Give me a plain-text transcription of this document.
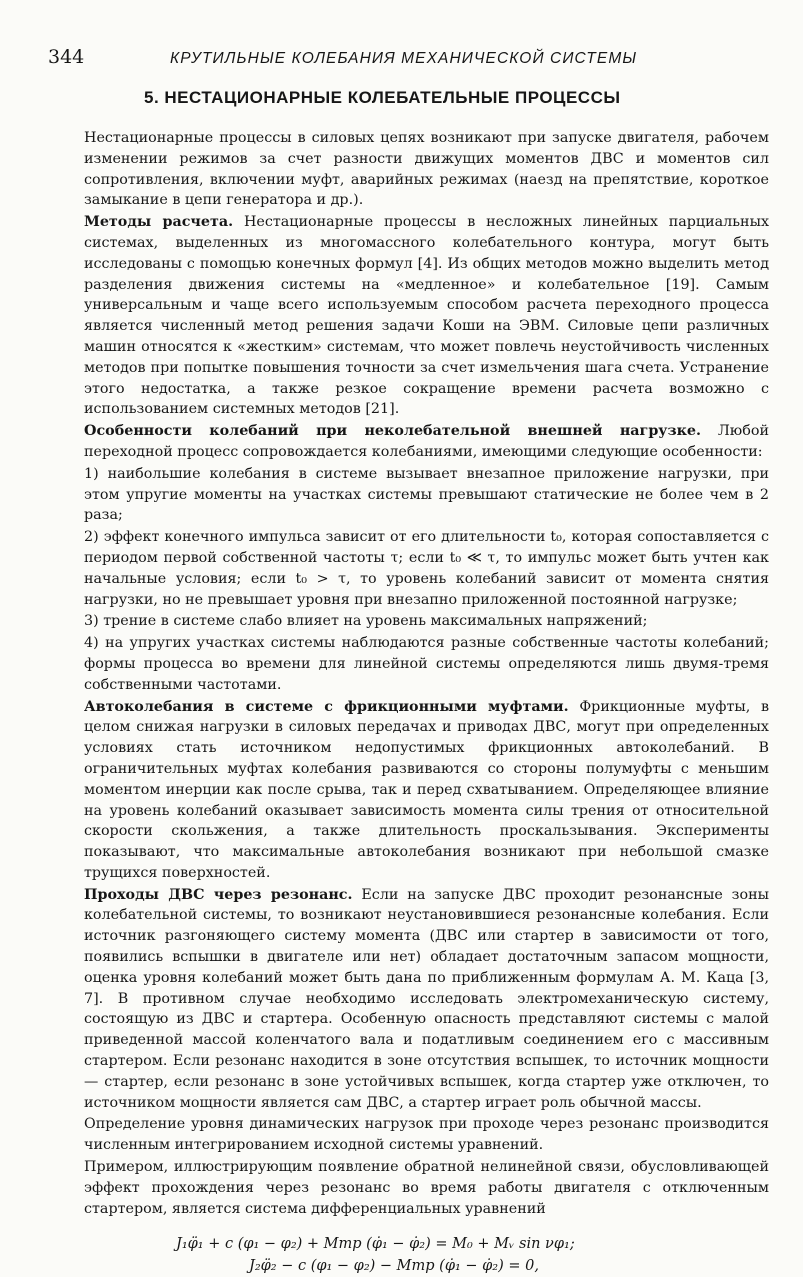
344	КРУТИЛЬНЫЕ КОЛЕБАНИЯ МЕХАНИЧЕСКОЙ СИСТЕМЫ
5. НЕСТАЦИОНАРНЫЕ КОЛЕБАТЕЛЬНЫЕ ПРОЦЕССЫ

Нестационарные процессы в силовых цепях возникают при запуске двигателя, рабочем изменении режимов за счет разности движущих моментов ДВС и моментов сил сопротивления, включении муфт, аварийных режимах (наезд на препятствие, короткое замыкание в цепи генератора и др.).

Методы расчета. Нестационарные процессы в несложных линейных парциальных системах, выделенных из многомассного колебательного контура, могут быть исследованы с помощью конечных формул [4]. Из общих методов можно выделить метод разделения движения системы на «медленное» и колебательное [19]. Самым универсальным и чаще всего используемым способом расчета переходного процесса является численный метод решения задачи Коши на ЭВМ. Силовые цепи различных машин относятся к «жестким» системам, что может повлечь неустойчивость численных методов при попытке повышения точности за счет измельчения шага счета. Устранение этого недостатка, а также резкое сокращение времени расчета возможно с использованием системных методов [21].

Особенности колебаний при неколебательной внешней нагрузке. Любой переходной процесс сопровождается колебаниями, имеющими следующие особенности:

1) наибольшие колебания в системе вызывает внезапное приложение нагрузки, при этом упругие моменты на участках системы превышают статические не более чем в 2 раза;

2) эффект конечного импульса зависит от его длительности t₀, которая сопоставляется с периодом первой собственной частоты τ; если t₀ ≪ τ, то импульс может быть учтен как начальные условия; если t₀ > τ, то уровень колебаний зависит от момента снятия нагрузки, но не превышает уровня при внезапно приложенной постоянной нагрузке;

3) трение в системе слабо влияет на уровень максимальных напряжений;

4) на упругих участках системы наблюдаются разные собственные частоты колебаний; формы процесса во времени для линейной системы определяются лишь двумя-тремя собственными частотами.

Автоколебания в системе с фрикционными муфтами. Фрикционные муфты, в целом снижая нагрузки в силовых передачах и приводах ДВС, могут при определенных условиях стать источником недопустимых фрикционных автоколебаний. В ограничительных муфтах колебания развиваются со стороны полумуфты с меньшим моментом инерции как после срыва, так и перед схватыванием. Определяющее влияние на уровень колебаний оказывает зависимость момента силы трения от относительной скорости скольжения, а также длительность проскальзывания. Эксперименты показывают, что максимальные автоколебания возникают при небольшой смазке трущихся поверхностей.

Проходы ДВС через резонанс. Если на запуске ДВС проходит резонансные зоны колебательной системы, то возникают неустановившиеся резонансные колебания. Если источник разгоняющего систему момента (ДВС или стартер в зависимости от того, появились вспышки в двигателе или нет) обладает достаточным запасом мощности, оценка уровня колебаний может быть дана по приближенным формулам А. М. Каца [3, 7]. В противном случае необходимо исследовать электромеханическую систему, состоящую из ДВС и стартера. Особенную опасность представляют системы с малой приведенной массой коленчатого вала и податливым соединением его с массивным стартером. Если резонанс находится в зоне отсутствия вспышек, то источник мощности — стартер, если резонанс в зоне устойчивых вспышек, когда стартер уже отключен, то источником мощности является сам ДВС, а стартер играет роль обычной массы.

Определение уровня динамических нагрузок при проходе через резонанс производится численным интегрированием исходной системы уравнений.

Примером, иллюстрирующим появление обратной нелинейной связи, обусловливающей эффект прохождения через резонанс во время работы двигателя с отключенным стартером, является система дифференциальных уравнений

J₁φ̈₁ + c (φ₁ − φ₂) + Mтр (φ̇₁ − φ̇₂) = M₀ + Mᵥ sin νφ₁;
J₂φ̈₂ − c (φ₁ − φ₂) − Mтр (φ̇₁ − φ̇₂) = 0,
